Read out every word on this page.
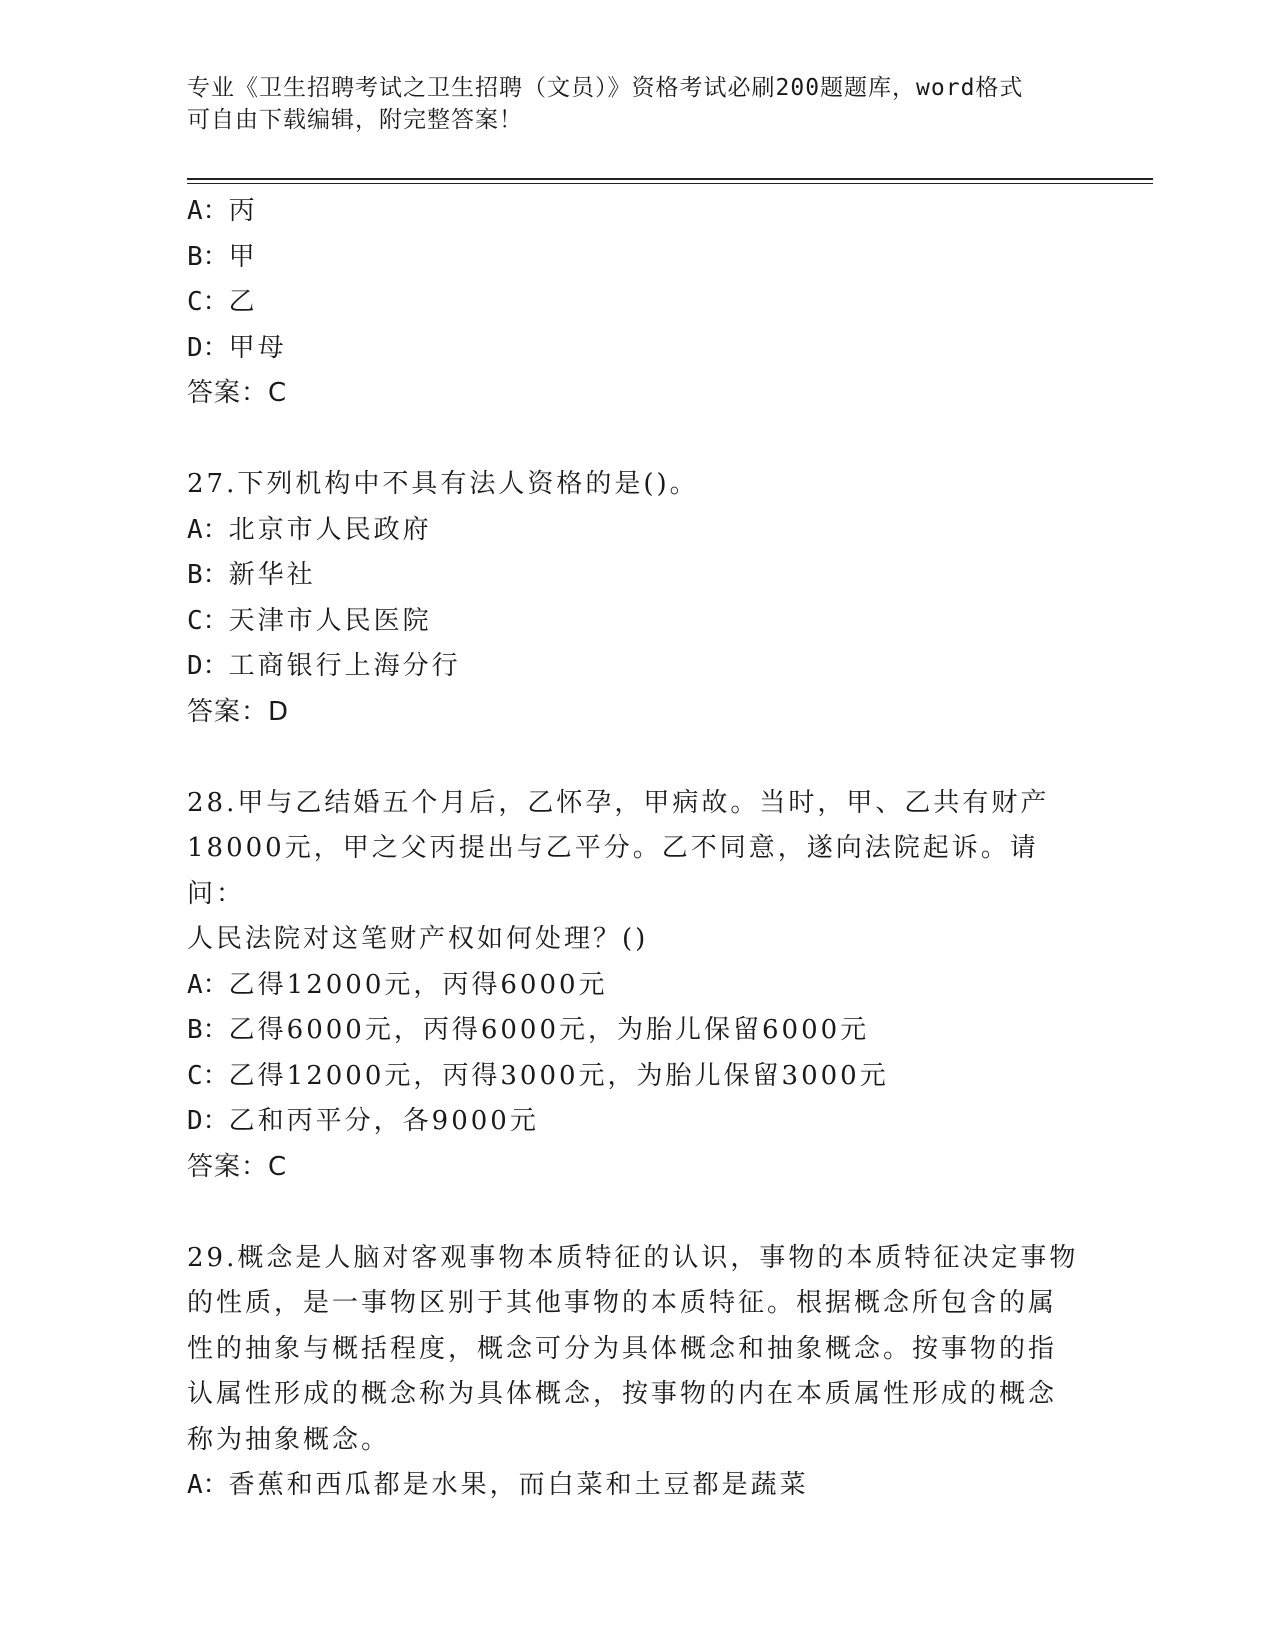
专业《卫生招聘考试之卫生招聘（文员）》资格考试必刷200题题库，word格式
可自由下载编辑，附完整答案！
A：丙
B：甲
C：乙
D：甲母
答案：C
27.下列机构中不具有法人资格的是()。
A：北京市人民政府
B：新华社
C：天津市人民医院
D：工商银行上海分行
答案：D
28.甲与乙结婚五个月后，乙怀孕，甲病故。当时，甲、乙共有财产
18000元，甲之父丙提出与乙平分。乙不同意，遂向法院起诉。请问：
人民法院对这笔财产权如何处理？()
A：乙得12000元，丙得6000元
B：乙得6000元，丙得6000元，为胎儿保留6000元
C：乙得12000元，丙得3000元，为胎儿保留3000元
D：乙和丙平分，各9000元
答案：C
29.概念是人脑对客观事物本质特征的认识，事物的本质特征决定事物
的性质，是一事物区别于其他事物的本质特征。根据概念所包含的属
性的抽象与概括程度，概念可分为具体概念和抽象概念。按事物的指
认属性形成的概念称为具体概念，按事物的内在本质属性形成的概念
称为抽象概念。
A：香蕉和西瓜都是水果，而白菜和土豆都是蔬菜
